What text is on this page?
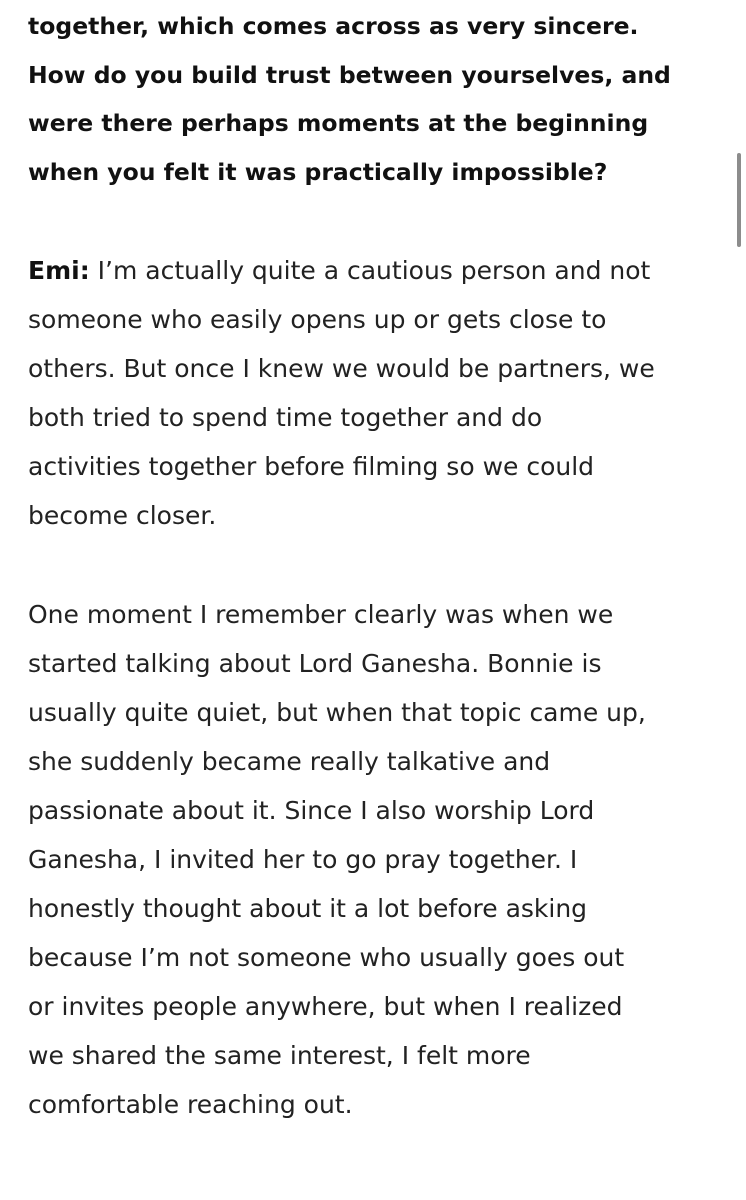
together, which comes across as very sincere.
How do you build trust between yourselves, and
were there perhaps moments at the beginning
when you felt it was practically impossible?

Emi: I’m actually quite a cautious person and not
someone who easily opens up or gets close to
others. But once I knew we would be partners, we
both tried to spend time together and do
activities together before filming so we could
become closer.

One moment I remember clearly was when we
started talking about Lord Ganesha. Bonnie is
usually quite quiet, but when that topic came up,
she suddenly became really talkative and
passionate about it. Since I also worship Lord
Ganesha, I invited her to go pray together. I
honestly thought about it a lot before asking
because I’m not someone who usually goes out
or invites people anywhere, but when I realized
we shared the same interest, I felt more
comfortable reaching out.
